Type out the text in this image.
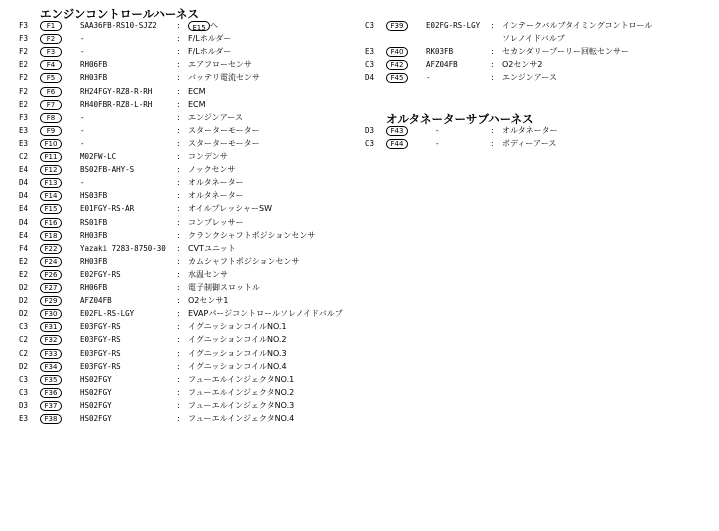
エンジンコントロールハーネス
F3	F1	SAA36FB-RS10-SJZ2	:	E15 へ
F3	F2	-	: F/Lホルダー
F2	F3	-	: F/Lホルダー
E2	F4	RH06FB	: エアフローセンサ
F2	F5	RH03FB	: バッテリ電流センサ
F2	F6	RH24FGY-RZ8-R-RH	: ECM
E2	F7	RH40FBR-RZ8-L-RH	: ECM
F3	F8	-	: エンジンアース
E3	F9	-	: スターターモーター
E3	F10	-	: スターターモーター
C2	F11	M02FW-LC	: コンデンサ
E4	F12	BS02FB-AHY-S	: ノックセンサ
D4	F13	-	: オルタネーター
D4	F14	HS03FB	: オルタネーター
E4	F15	E01FGY-RS-AR	: オイルプレッシャーSW
D4	F16	RS01FB	: コンプレッサー
E4	F18	RH03FB	: クランクシャフトポジションセンサ
F4	F22	Yazaki 7283-8750-30 : CVTユニット
E2	F24	RH03FB	: カムシャフトポジションセンサ
E2	F26	E02FGY-RS	: 水温センサ
D2	F27	RH06FB	: 電子制御スロットル
D2	F29	AFZ04FB	: O2センサ1
D2	F30	E02FL-RS-LGY	: EVAPパージコントロールソレノイドバルブ
C3	F31	E03FGY-RS	: イグニッションコイルNO.1
C2	F32	E03FGY-RS	: イグニッションコイルNO.2
C2	F33	E03FGY-RS	: イグニッションコイルNO.3
D2	F34	E03FGY-RS	: イグニッションコイルNO.4
C3	F35	HS02FGY	: フューエルインジェクタNO.1
C3	F36	HS02FGY	: フューエルインジェクタNO.2
D3	F37	HS02FGY	: フューエルインジェクタNO.3
E3	F38	HS02FGY	: フューエルインジェクタNO.4
C3	F39	E02FG-RS-LGY : インテークバルブタイミングコントロール
ソレノイドバルブ
E3	F40	RK03FB	: セカンダリープーリー回転センサー
C3	F42	AFZ04FB	: O2センサ2
D4	F45	-	: エンジンアース
オルタネーターサブハーネス
D3	F43	-	: オルタネーター
C3	F44	-	: ボディーアース
